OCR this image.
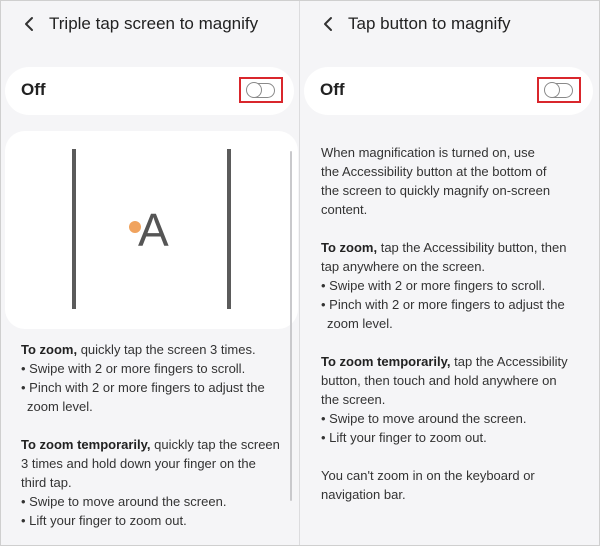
Triple tap screen to magnify
Off
A

To zoom, quickly tap the screen 3 times.

• Swipe with 2 or more fingers to scroll.

• Pinch with 2 or more fingers to adjust the

zoom level.

To zoom temporarily, quickly tap the screen

3 times and hold down your finger on the

third tap.

• Swipe to move around the screen.

• Lift your finger to zoom out.

Tap button to magnify
Off

When magnification is turned on, use

the Accessibility button at the bottom of

the screen to quickly magnify on-screen

content.

To zoom, tap the Accessibility button, then

tap anywhere on the screen.

• Swipe with 2 or more fingers to scroll.

• Pinch with 2 or more fingers to adjust the

zoom level.

To zoom temporarily, tap the Accessibility

button, then touch and hold anywhere on

the screen.

• Swipe to move around the screen.

• Lift your finger to zoom out.

You can't zoom in on the keyboard or

navigation bar.
